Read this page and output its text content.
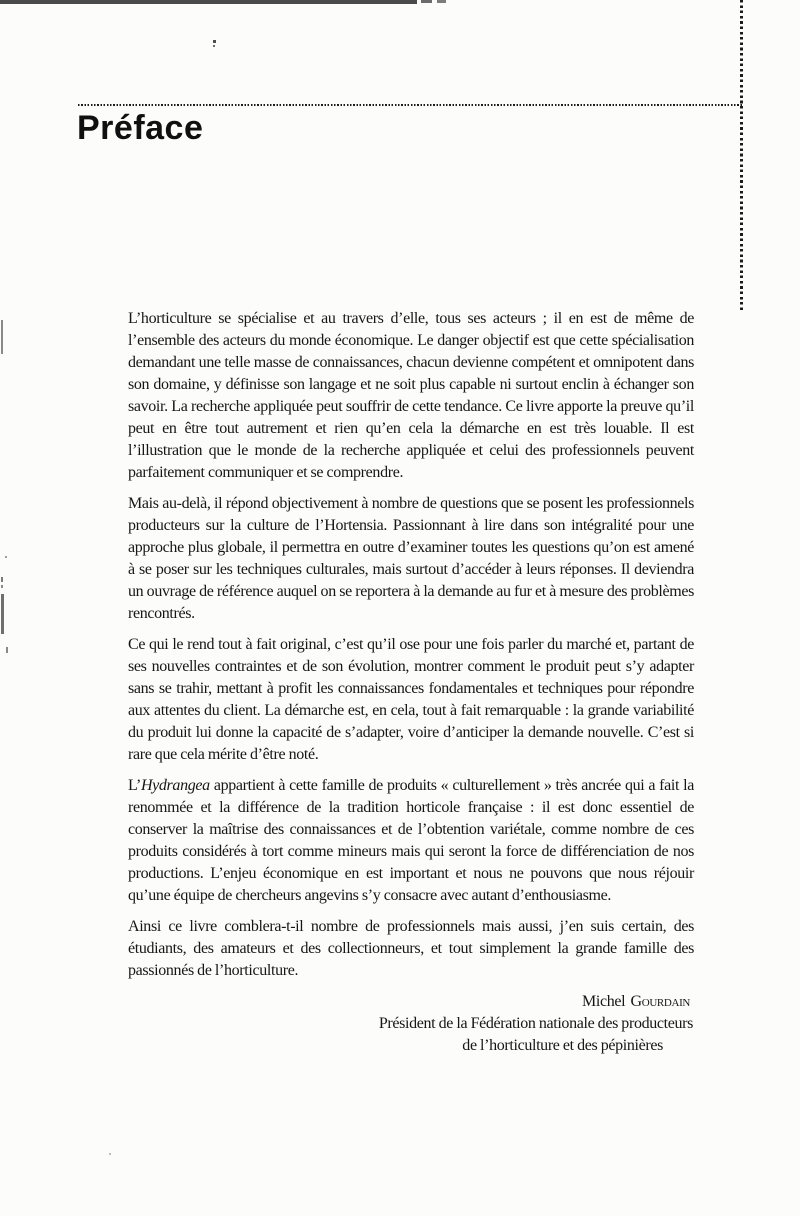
Préface

L’horticulture se spécialise et au travers d’elle, tous ses acteurs ; il en est de même de l’ensemble des acteurs du monde économique. Le danger objectif est que cette spécialisation demandant une telle masse de connaissances, chacun devienne compétent et omnipotent dans son domaine, y définisse son langage et ne soit plus capable ni surtout enclin à échanger son savoir. La recherche appliquée peut souffrir de cette tendance. Ce livre apporte la preuve qu’il peut en être tout autrement et rien qu’en cela la démarche en est très louable. Il est l’illustration que le monde de la recherche appliquée et celui des professionnels peuvent parfaitement communiquer et se comprendre.

Mais au-delà, il répond objectivement à nombre de questions que se posent les professionnels producteurs sur la culture de l’Hortensia. Passionnant à lire dans son intégralité pour une approche plus globale, il permettra en outre d’examiner toutes les questions qu’on est amené à se poser sur les techniques culturales, mais surtout d’accéder à leurs réponses. Il deviendra un ouvrage de référence auquel on se reportera à la demande au fur et à mesure des problèmes rencontrés.

Ce qui le rend tout à fait original, c’est qu’il ose pour une fois parler du marché et, partant de ses nouvelles contraintes et de son évolution, montrer comment le produit peut s’y adapter sans se trahir, mettant à profit les connaissances fondamentales et techniques pour répondre aux attentes du client. La démarche est, en cela, tout à fait remarquable : la grande variabilité du produit lui donne la capacité de s’adapter, voire d’anticiper la demande nouvelle. C’est si rare que cela mérite d’être noté.

L’Hydrangea appartient à cette famille de produits « culturellement » très ancrée qui a fait la renommée et la différence de la tradition horticole française : il est donc essentiel de conserver la maîtrise des connaissances et de l’obtention variétale, comme nombre de ces produits considérés à tort comme mineurs mais qui seront la force de différenciation de nos productions. L’enjeu économique en est important et nous ne pouvons que nous réjouir qu’une équipe de chercheurs angevins s’y consacre avec autant d’enthousiasme.

Ainsi ce livre comblera-t-il nombre de professionnels mais aussi, j’en suis certain, des étudiants, des amateurs et des collectionneurs, et tout simplement la grande famille des passionnés de l’horticulture.

Michel Gourdain
Président de la Fédération nationale des producteurs
de l’horticulture et des pépinières
